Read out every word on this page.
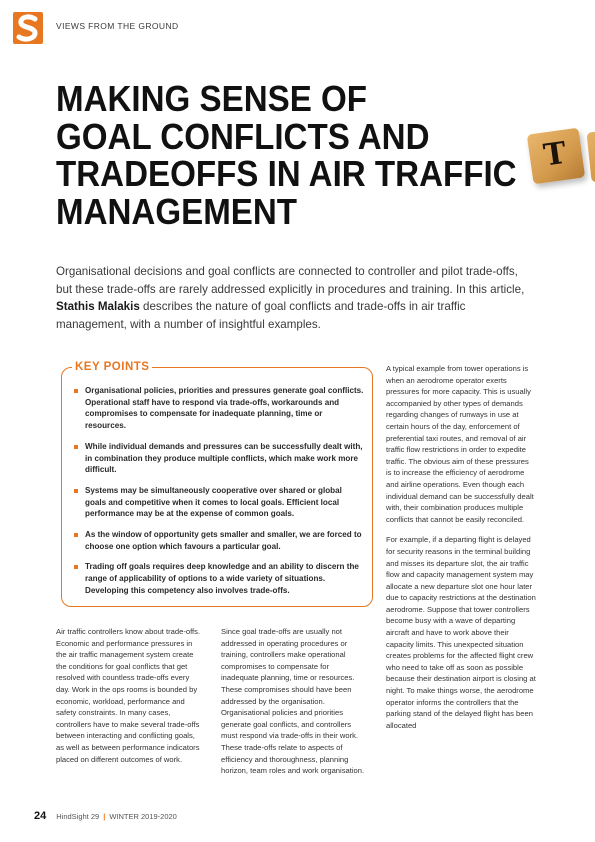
VIEWS FROM THE GROUND
MAKING SENSE OF
GOAL CONFLICTS AND
TRADEOFFS IN AIR TRAFFIC
MANAGEMENT
T

Organisational decisions and goal conflicts are connected to controller and pilot trade-offs, but these trade-offs are rarely addressed explicitly in procedures and training. In this article, Stathis Malakis describes the nature of goal conflicts and trade-offs in air traffic management, with a number of insightful examples.

KEY POINTS
Organisational policies, priorities and pressures generate goal conflicts. Operational staff have to respond via trade-offs, workarounds and compromises to compensate for inadequate planning, time or resources.
While individual demands and pressures can be successfully dealt with, in combination they produce multiple conflicts, which make work more difficult.
Systems may be simultaneously cooperative over shared or global goals and competitive when it comes to local goals. Efficient local performance may be at the expense of common goals.
As the window of opportunity gets smaller and smaller, we are forced to choose one option which favours a particular goal.
Trading off goals requires deep knowledge and an ability to discern the range of applicability of options to a wide variety of situations. Developing this competency also involves trade-offs.

Air traffic controllers know about trade-offs. Economic and performance pressures in the air traffic management system create the conditions for goal conflicts that get resolved with countless trade-offs every day. Work in the ops rooms is bounded by economic, workload, performance and safety constraints. In many cases, controllers have to make several trade-offs between interacting and conflicting goals, as well as between performance indicators placed on different outcomes of work.

Since goal trade-offs are usually not addressed in operating procedures or training, controllers make operational compromises to compensate for inadequate planning, time or resources. These compromises should have been addressed by the organisation. Organisational policies and priorities generate goal conflicts, and controllers must respond via trade-offs in their work. These trade-offs relate to aspects of efficiency and thoroughness, planning horizon, team roles and work organisation.

A typical example from tower operations is when an aerodrome operator exerts pressures for more capacity. This is usually accompanied by other types of demands regarding changes of runways in use at certain hours of the day, enforcement of preferential taxi routes, and removal of air traffic flow restrictions in order to expedite traffic. The obvious aim of these pressures is to increase the efficiency of aerodrome and airline operations. Even though each individual demand can be successfully dealt with, their combination produces multiple conflicts that cannot be easily reconciled.

For example, if a departing flight is delayed for security reasons in the terminal building and misses its departure slot, the air traffic flow and capacity management system may allocate a new departure slot one hour later due to capacity restrictions at the destination aerodrome. Suppose that tower controllers become busy with a wave of departing aircraft and have to work above their capacity limits. This unexpected situation creates problems for the affected flight crew who need to take off as soon as possible because their destination airport is closing at night. To make things worse, the aerodrome operator informs the controllers that the parking stand of the delayed flight has been allocated

24 HindSight 29 | WINTER 2019-2020
